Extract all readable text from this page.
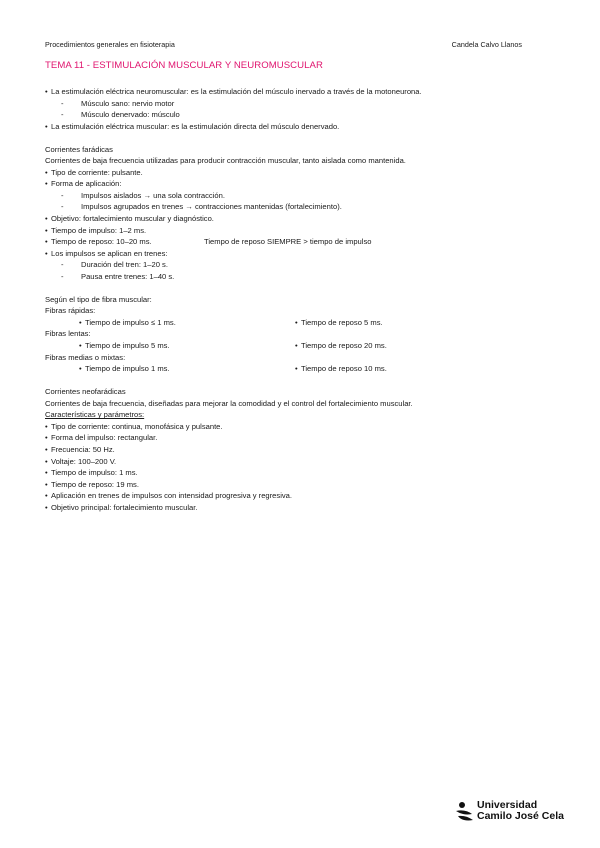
Procedimientos generales en fisioterapia	Candela Calvo Llanos
TEMA 11 - ESTIMULACIÓN MUSCULAR Y NEUROMUSCULAR
• La estimulación eléctrica neuromuscular: es la estimulación del músculo inervado a través de la motoneurona.
- Músculo sano: nervio motor
- Músculo denervado: músculo
• La estimulación eléctrica muscular: es la estimulación directa del músculo denervado.
Corrientes farádicas
Corrientes de baja frecuencia utilizadas para producir contracción muscular, tanto aislada como mantenida.
• Tipo de corriente: pulsante.
• Forma de aplicación:
- Impulsos aislados → una sola contracción.
- Impulsos agrupados en trenes → contracciones mantenidas (fortalecimiento).
• Objetivo: fortalecimiento muscular y diagnóstico.
• Tiempo de impulso: 1–2 ms.
• Tiempo de reposo: 10–20 ms.	Tiempo de reposo SIEMPRE > tiempo de impulso
• Los impulsos se aplican en trenes:
- Duración del tren: 1–20 s.
- Pausa entre trenes: 1–40 s.
Según el tipo de fibra muscular:
Fibras rápidas:
• Tiempo de impulso ≤ 1 ms.	• Tiempo de reposo 5 ms.
Fibras lentas:
• Tiempo de impulso 5 ms.	• Tiempo de reposo 20 ms.
Fibras medias o mixtas:
• Tiempo de impulso 1 ms.	• Tiempo de reposo 10 ms.
Corrientes neofarádicas
Corrientes de baja frecuencia, diseñadas para mejorar la comodidad y el control del fortalecimiento muscular.
Características y parámetros:
• Tipo de corriente: continua, monofásica y pulsante.
• Forma del impulso: rectangular.
• Frecuencia: 50 Hz.
• Voltaje: 100–200 V.
• Tiempo de impulso: 1 ms.
• Tiempo de reposo: 19 ms.
• Aplicación en trenes de impulsos con intensidad progresiva y regresiva.
• Objetivo principal: fortalecimiento muscular.
Universidad
Camilo José Cela
